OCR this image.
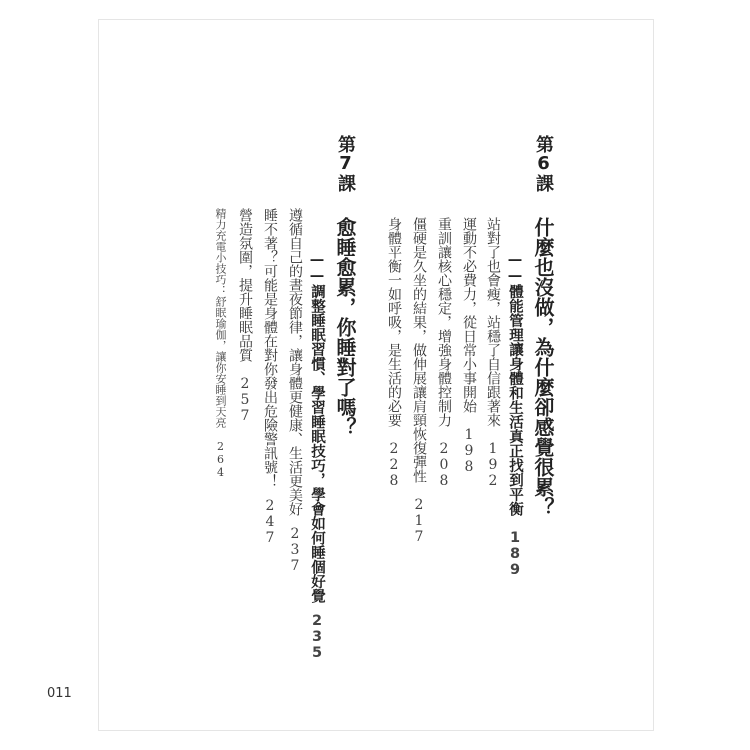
第6課
什麼也沒做，為什麼卻感覺很累？
——體能管理讓身體和生活真正找到平衡189
站對了也會瘦，站穩了自信跟著來192
運動不必費力，從日常小事開始198
重訓讓核心穩定，增強身體控制力208
僵硬是久坐的結果，做伸展讓肩頸恢復彈性217
身體平衡一如呼吸，是生活的必要228
第7課
愈睡愈累，你睡對了嗎？
——調整睡眠習慣、學習睡眠技巧，學會如何睡個好覺235
遵循自己的晝夜節律，讓身體更健康、生活更美好237
睡不著？可能是身體在對你發出危險警訊號！247
營造氛圍，提升睡眠品質257
精力充電小技巧：舒眠瑜伽，讓你安睡到天亮264
011
